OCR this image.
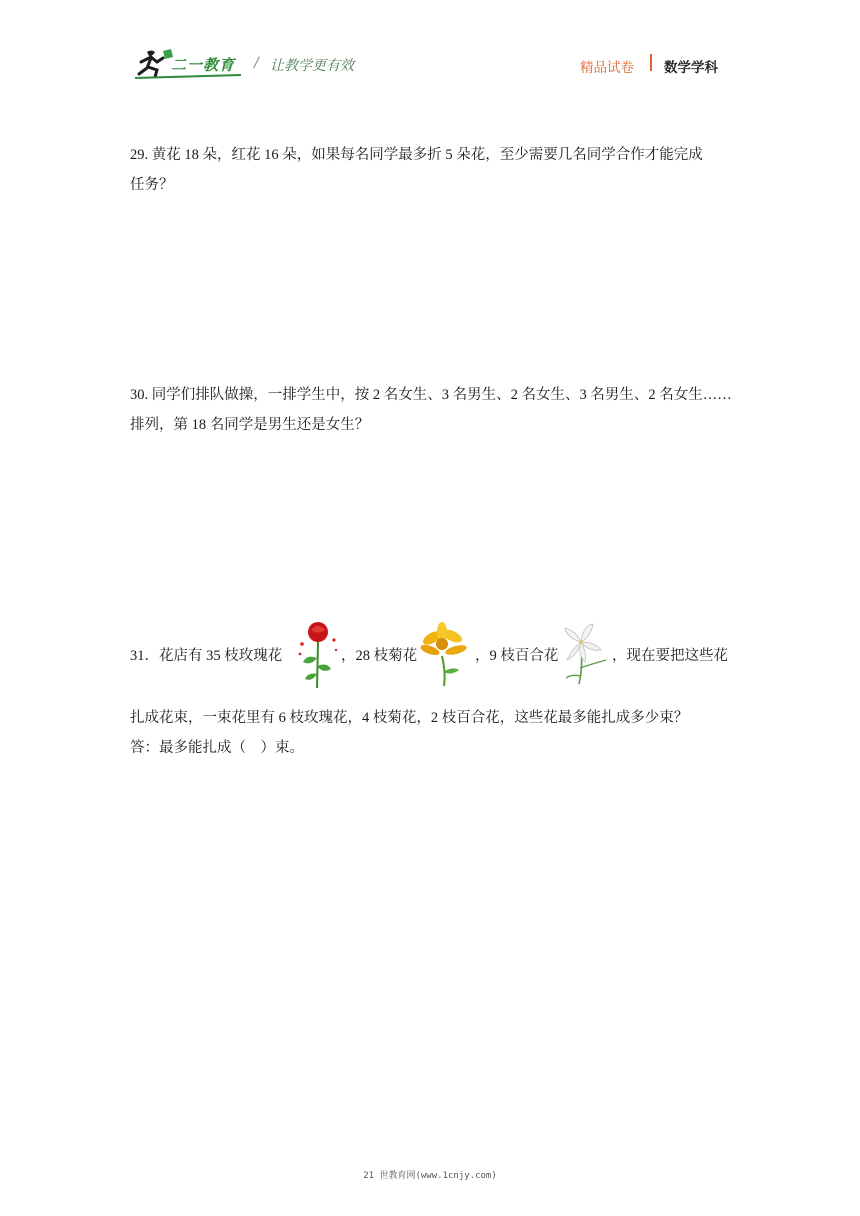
二一教育 / 让教学更有效	精品试卷 数学学科
29. 黄花 18 朵，红花 16 朵，如果每名同学最多折 5 朵花，至少需要几名同学合作才能完成
任务？
30. 同学们排队做操，一排学生中，按 2 名女生、3 名男生、2 名女生、3 名男生、2 名女生……
排列，第 18 名同学是男生还是女生？
31．花店有 35 枝玫瑰花	，28 枝菊花	，9 枝百合花	，现在要把这些花
扎成花束，一束花里有 6 枝玫瑰花，4 枝菊花，2 枝百合花，这些花最多能扎成多少束？
答：最多能扎成（　）束。
21 世教育网(www.1cnjy.com)
